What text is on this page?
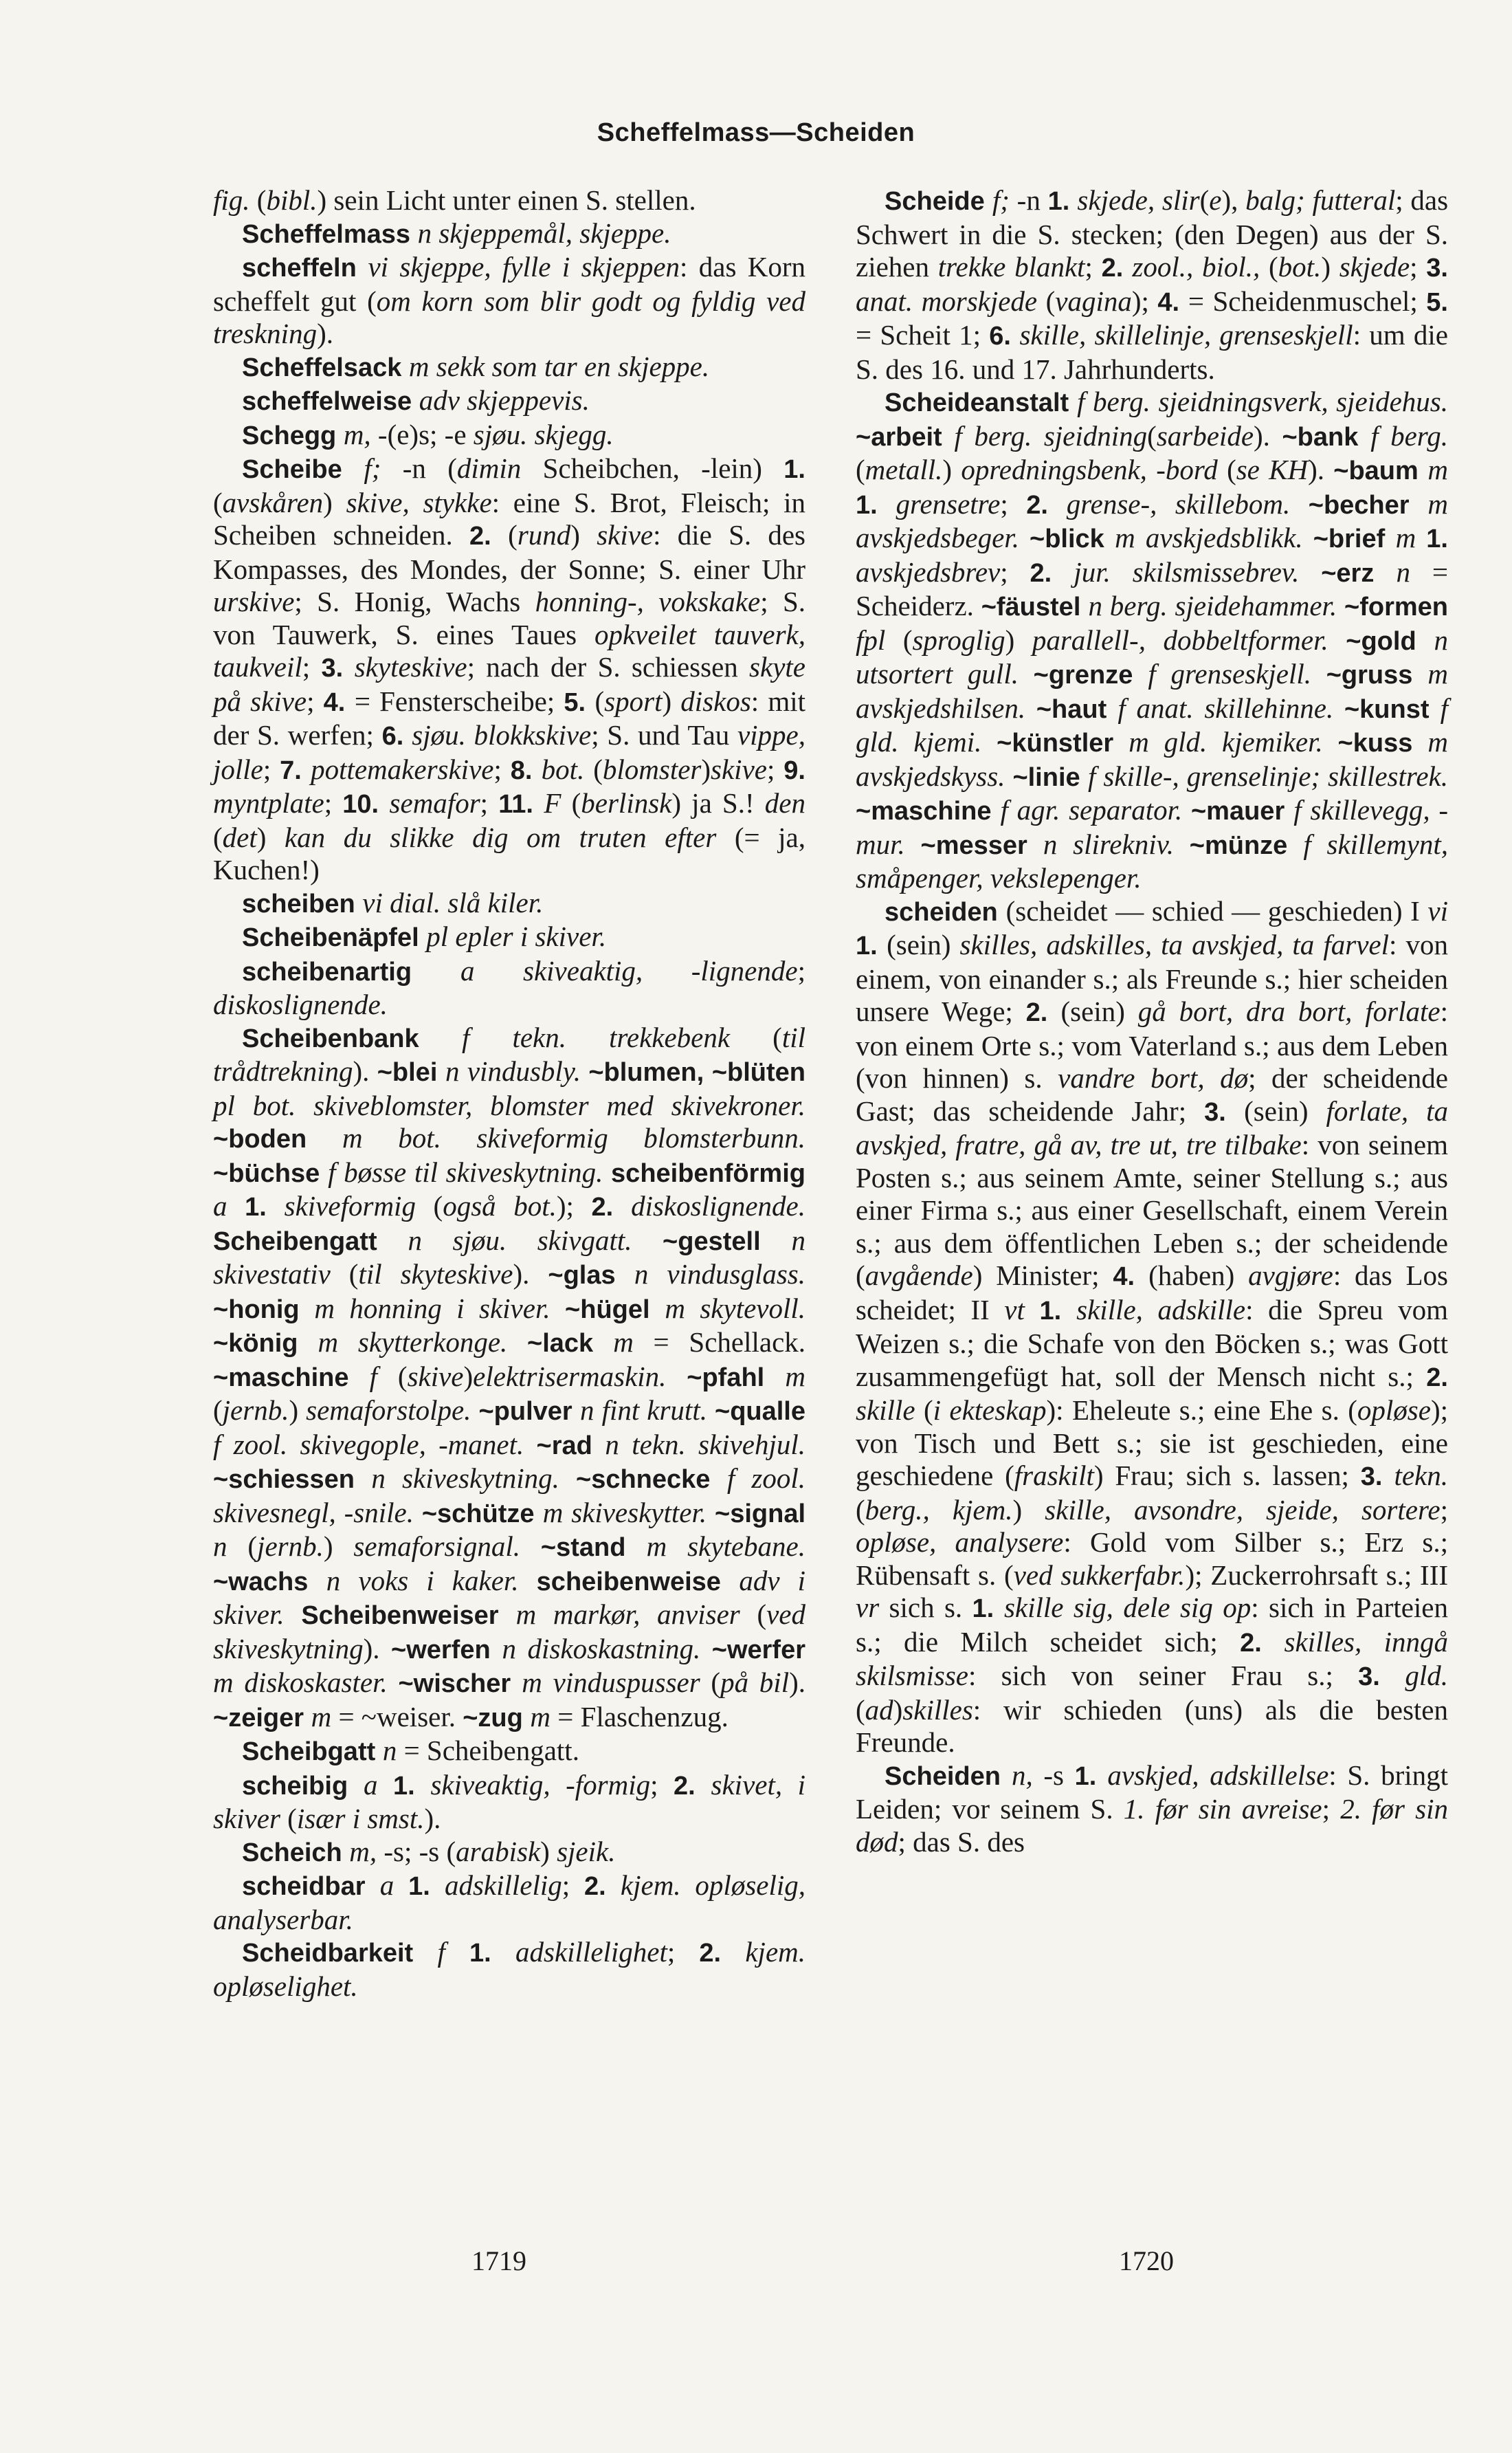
Scheffelmass—Scheiden

fig. (bibl.) sein Licht unter einen S. stellen.

Scheffelmass n skjeppemål, skjeppe.

scheffeln vi skjeppe, fylle i skjeppen: das Korn scheffelt gut (om korn som blir godt og fyldig ved treskning).

Scheffelsack m sekk som tar en skjeppe.

scheffelweise adv skjeppevis.

Schegg m, -(e)s; -e sjøu. skjegg.

Scheibe f; -n (dimin Scheibchen, -lein) 1. (avskåren) skive, stykke: eine S. Brot, Fleisch; in Scheiben schneiden. 2. (rund) skive: die S. des Kompasses, des Mondes, der Sonne; S. einer Uhr urskive; S. Honig, Wachs honning-, vokskake; S. von Tauwerk, S. eines Taues opkveilet tauverk, taukveil; 3. skyteskive; nach der S. schiessen skyte på skive; 4. = Fensterscheibe; 5. (sport) diskos: mit der S. werfen; 6. sjøu. blokkskive; S. und Tau vippe, jolle; 7. pottemakerskive; 8. bot. (blomster)skive; 9. myntplate; 10. semafor; 11. F (berlinsk) ja S.! den (det) kan du slikke dig om truten efter (= ja, Kuchen!)

scheiben vi dial. slå kiler.

Scheibenäpfel pl epler i skiver.

scheibenartig a skiveaktig, -lignende; diskoslignende.

Scheibenbank f tekn. trekkebenk (til trådtrekning). ~blei n vindusbly. ~blumen, ~blüten pl bot. skiveblomster, blomster med skivekroner. ~boden m bot. skiveformig blomsterbunn. ~büchse f bøsse til skiveskytning. scheibenförmig a 1. skiveformig (også bot.); 2. diskoslignende. Scheibengatt n sjøu. skivgatt. ~gestell n skivestativ (til skyteskive). ~glas n vindusglass. ~honig m honning i skiver. ~hügel m skytevoll. ~könig m skytterkonge. ~lack m = Schellack. ~maschine f (skive)elektrisermaskin. ~pfahl m (jernb.) semaforstolpe. ~pulver n fint krutt. ~qualle f zool. skivegople, -manet. ~rad n tekn. skivehjul. ~schiessen n skiveskytning. ~schnecke f zool. skivesnegl, -snile. ~schütze m skiveskytter. ~signal n (jernb.) semaforsignal. ~stand m skytebane. ~wachs n voks i kaker. scheibenweise adv i skiver. Scheibenweiser m markør, anviser (ved skiveskytning). ~werfen n diskoskastning. ~werfer m diskoskaster. ~wischer m vinduspusser (på bil). ~zeiger m = ~weiser. ~zug m = Flaschenzug.

Scheibgatt n = Scheibengatt.

scheibig a 1. skiveaktig, -formig; 2. skivet, i skiver (især i smst.).

Scheich m, -s; -s (arabisk) sjeik.

scheidbar a 1. adskillelig; 2. kjem. opløselig, analyserbar.

Scheidbarkeit f 1. adskillelighet; 2. kjem. opløselighet.

Scheide f; -n 1. skjede, slir(e), balg; futteral; das Schwert in die S. stecken; (den Degen) aus der S. ziehen trekke blankt; 2. zool., biol., (bot.) skjede; 3. anat. morskjede (vagina); 4. = Scheidenmuschel; 5. = Scheit 1; 6. skille, skillelinje, grenseskjell: um die S. des 16. und 17. Jahrhunderts.

Scheideanstalt f berg. sjeidningsverk, sjeidehus. ~arbeit f berg. sjeidning(sarbeide). ~bank f berg. (metall.) opredningsbenk, -bord (se KH). ~baum m 1. grensetre; 2. grense-, skillebom. ~becher m avskjedsbeger. ~blick m avskjedsblikk. ~brief m 1. avskjedsbrev; 2. jur. skilsmissebrev. ~erz n = Scheiderz. ~fäustel n berg. sjeidehammer. ~formen fpl (sproglig) parallell-, dobbeltformer. ~gold n utsortert gull. ~grenze f grenseskjell. ~gruss m avskjedshilsen. ~haut f anat. skillehinne. ~kunst f gld. kjemi. ~künstler m gld. kjemiker. ~kuss m avskjedskyss. ~linie f skille-, grenselinje; skillestrek. ~maschine f agr. separator. ~mauer f skillevegg, -mur. ~messer n slirekniv. ~münze f skillemynt, småpenger, vekslepenger.

scheiden (scheidet — schied — geschieden) I vi 1. (sein) skilles, adskilles, ta avskjed, ta farvel: von einem, von einander s.; als Freunde s.; hier scheiden unsere Wege; 2. (sein) gå bort, dra bort, forlate: von einem Orte s.; vom Vaterland s.; aus dem Leben (von hinnen) s. vandre bort, dø; der scheidende Gast; das scheidende Jahr; 3. (sein) forlate, ta avskjed, fratre, gå av, tre ut, tre tilbake: von seinem Posten s.; aus seinem Amte, seiner Stellung s.; aus einer Firma s.; aus einer Gesellschaft, einem Verein s.; aus dem öffentlichen Leben s.; der scheidende (avgående) Minister; 4. (haben) avgjøre: das Los scheidet; II vt 1. skille, adskille: die Spreu vom Weizen s.; die Schafe von den Böcken s.; was Gott zusammengefügt hat, soll der Mensch nicht s.; 2. skille (i ekteskap): Eheleute s.; eine Ehe s. (opløse); von Tisch und Bett s.; sie ist geschieden, eine geschiedene (fraskilt) Frau; sich s. lassen; 3. tekn. (berg., kjem.) skille, avsondre, sjeide, sortere; opløse, analysere: Gold vom Silber s.; Erz s.; Rübensaft s. (ved sukkerfabr.); Zuckerrohrsaft s.; III vr sich s. 1. skille sig, dele sig op: sich in Parteien s.; die Milch scheidet sich; 2. skilles, inngå skilsmisse: sich von seiner Frau s.; 3. gld. (ad)skilles: wir schieden (uns) als die besten Freunde.

Scheiden n, -s 1. avskjed, adskillelse: S. bringt Leiden; vor seinem S. 1. før sin avreise; 2. før sin død; das S. des

1719	1720
